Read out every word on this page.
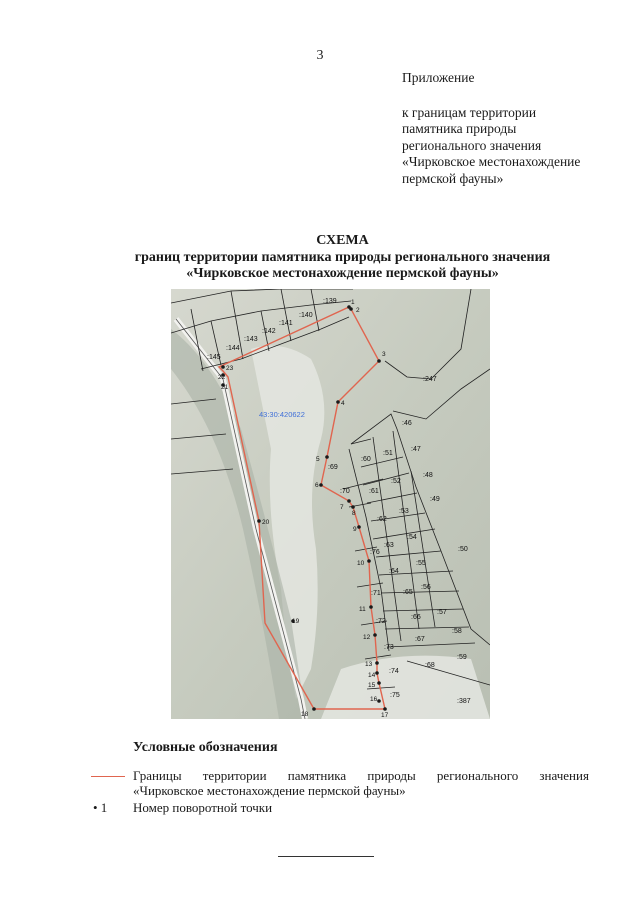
3
Приложение
к границам территории
памятника природы
регионального значения
«Чирковское местонахождение
пермской фауны»
СХЕМА
границ территории памятника природы регионального значения
«Чирковское местонахождение пермской фауны»
43:30:420622
:139
:140
:141
:142
:143
:144
:145
:247
:46
:47
:48
:49
:50
:51
:52
:53
:54
:55
:56
:57
:58
:59
:60
:61
:62
:63
:64
:65
:66
:67
:68
:69
:70
:71
:72
:73
:74
:75
:76
:387
1
2
3
4
5
6
7
8
9
10
11
12
13
14
15
16
17
18
19
20
21
22
23
Условные обозначения
Границы территории памятника природы регионального значения
«Чирковское местонахождение пермской фауны»
• 1 Номер поворотной точки
